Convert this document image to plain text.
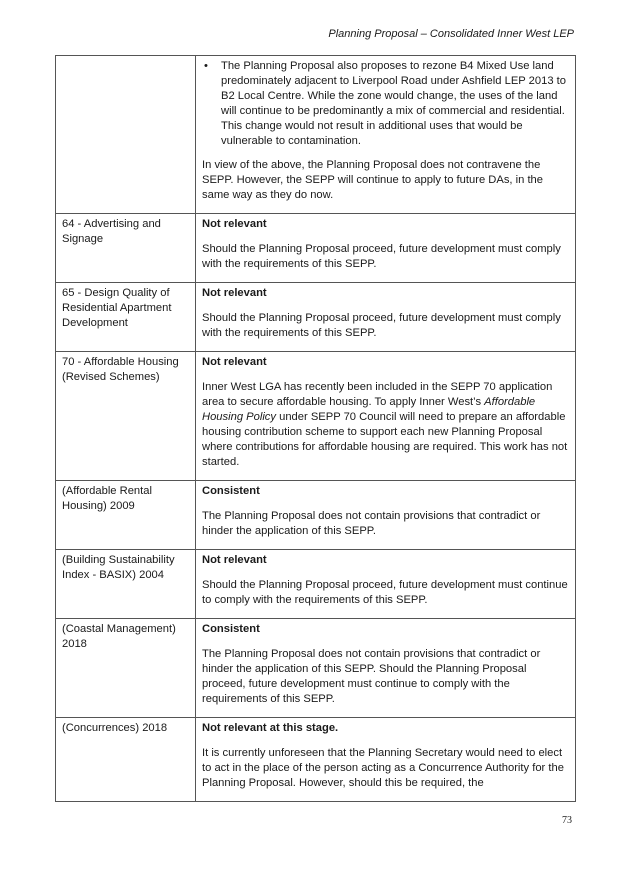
Planning Proposal – Consolidated Inner West LEP

	• The Planning Proposal also proposes to rezone B4 Mixed Use land predominately adjacent to Liverpool Road under Ashfield LEP 2013 to B2 Local Centre. While the zone would change, the uses of the land will continue to be predominantly a mix of commercial and residential. This change would not result in additional uses that would be vulnerable to contamination.

In view of the above, the Planning Proposal does not contravene the SEPP. However, the SEPP will continue to apply to future DAs, in the same way as they do now.

64 - Advertising and Signage	Not relevant

Should the Planning Proposal proceed, future development must comply with the requirements of this SEPP.

65 - Design Quality of Residential Apartment Development	Not relevant

Should the Planning Proposal proceed, future development must comply with the requirements of this SEPP.

70 - Affordable Housing (Revised Schemes)	Not relevant

Inner West LGA has recently been included in the SEPP 70 application area to secure affordable housing. To apply Inner West’s Affordable Housing Policy under SEPP 70 Council will need to prepare an affordable housing contribution scheme to support each new Planning Proposal where contributions for affordable housing are required. This work has not started.

(Affordable Rental Housing) 2009	Consistent

The Planning Proposal does not contain provisions that contradict or hinder the application of this SEPP.

(Building Sustainability Index - BASIX) 2004	Not relevant

Should the Planning Proposal proceed, future development must continue to comply with the requirements of this SEPP.

(Coastal Management) 2018	Consistent

The Planning Proposal does not contain provisions that contradict or hinder the application of this SEPP. Should the Planning Proposal proceed, future development must continue to comply with the requirements of this SEPP.

(Concurrences) 2018	Not relevant at this stage.

It is currently unforeseen that the Planning Secretary would need to elect to act in the place of the person acting as a Concurrence Authority for the Planning Proposal. However, should this be required, the

73
